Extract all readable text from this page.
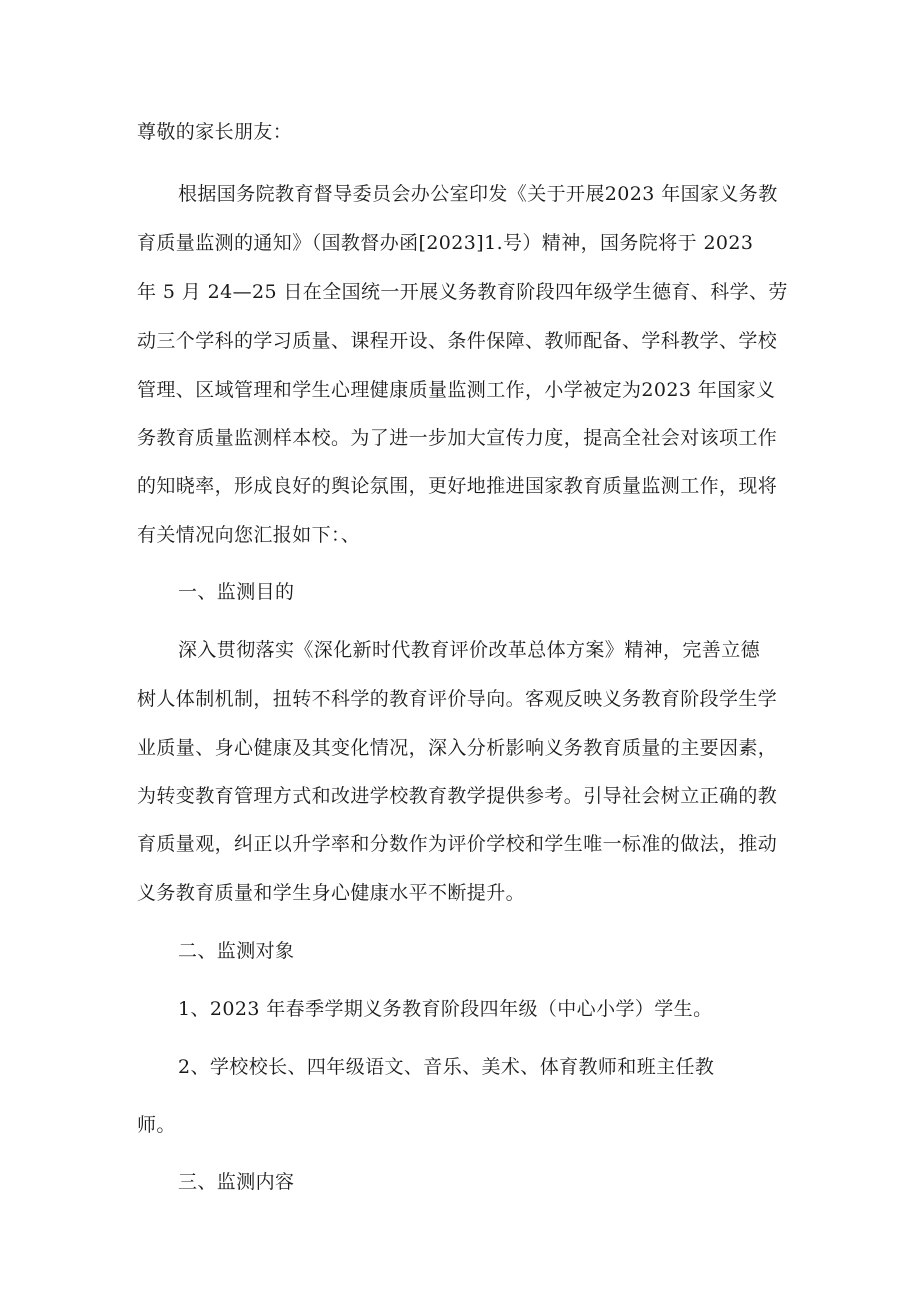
尊敬的家长朋友：

根据国务院教育督导委员会办公室印发《关于开展2023 年国家义务教

育质量监测的通知》（国教督办函[2023]1.号）精神，国务院将于 2023

年 5 月 24—25 日在全国统一开展义务教育阶段四年级学生德育、科学、劳

动三个学科的学习质量、课程开设、条件保障、教师配备、学科教学、学校

管理、区域管理和学生心理健康质量监测工作，小学被定为2023 年国家义

务教育质量监测样本校。为了进一步加大宣传力度，提高全社会对该项工作

的知晓率，形成良好的舆论氛围，更好地推进国家教育质量监测工作，现将

有关情况向您汇报如下：、

一、监测目的

深入贯彻落实《深化新时代教育评价改革总体方案》精神，完善立德

树人体制机制，扭转不科学的教育评价导向。客观反映义务教育阶段学生学

业质量、身心健康及其变化情况，深入分析影响义务教育质量的主要因素，

为转变教育管理方式和改进学校教育教学提供参考。引导社会树立正确的教

育质量观，纠正以升学率和分数作为评价学校和学生唯一标准的做法，推动

义务教育质量和学生身心健康水平不断提升。

二、监测对象

1、2023 年春季学期义务教育阶段四年级（中心小学）学生。

2、学校校长、四年级语文、音乐、美术、体育教师和班主任教

师。

三、监测内容
